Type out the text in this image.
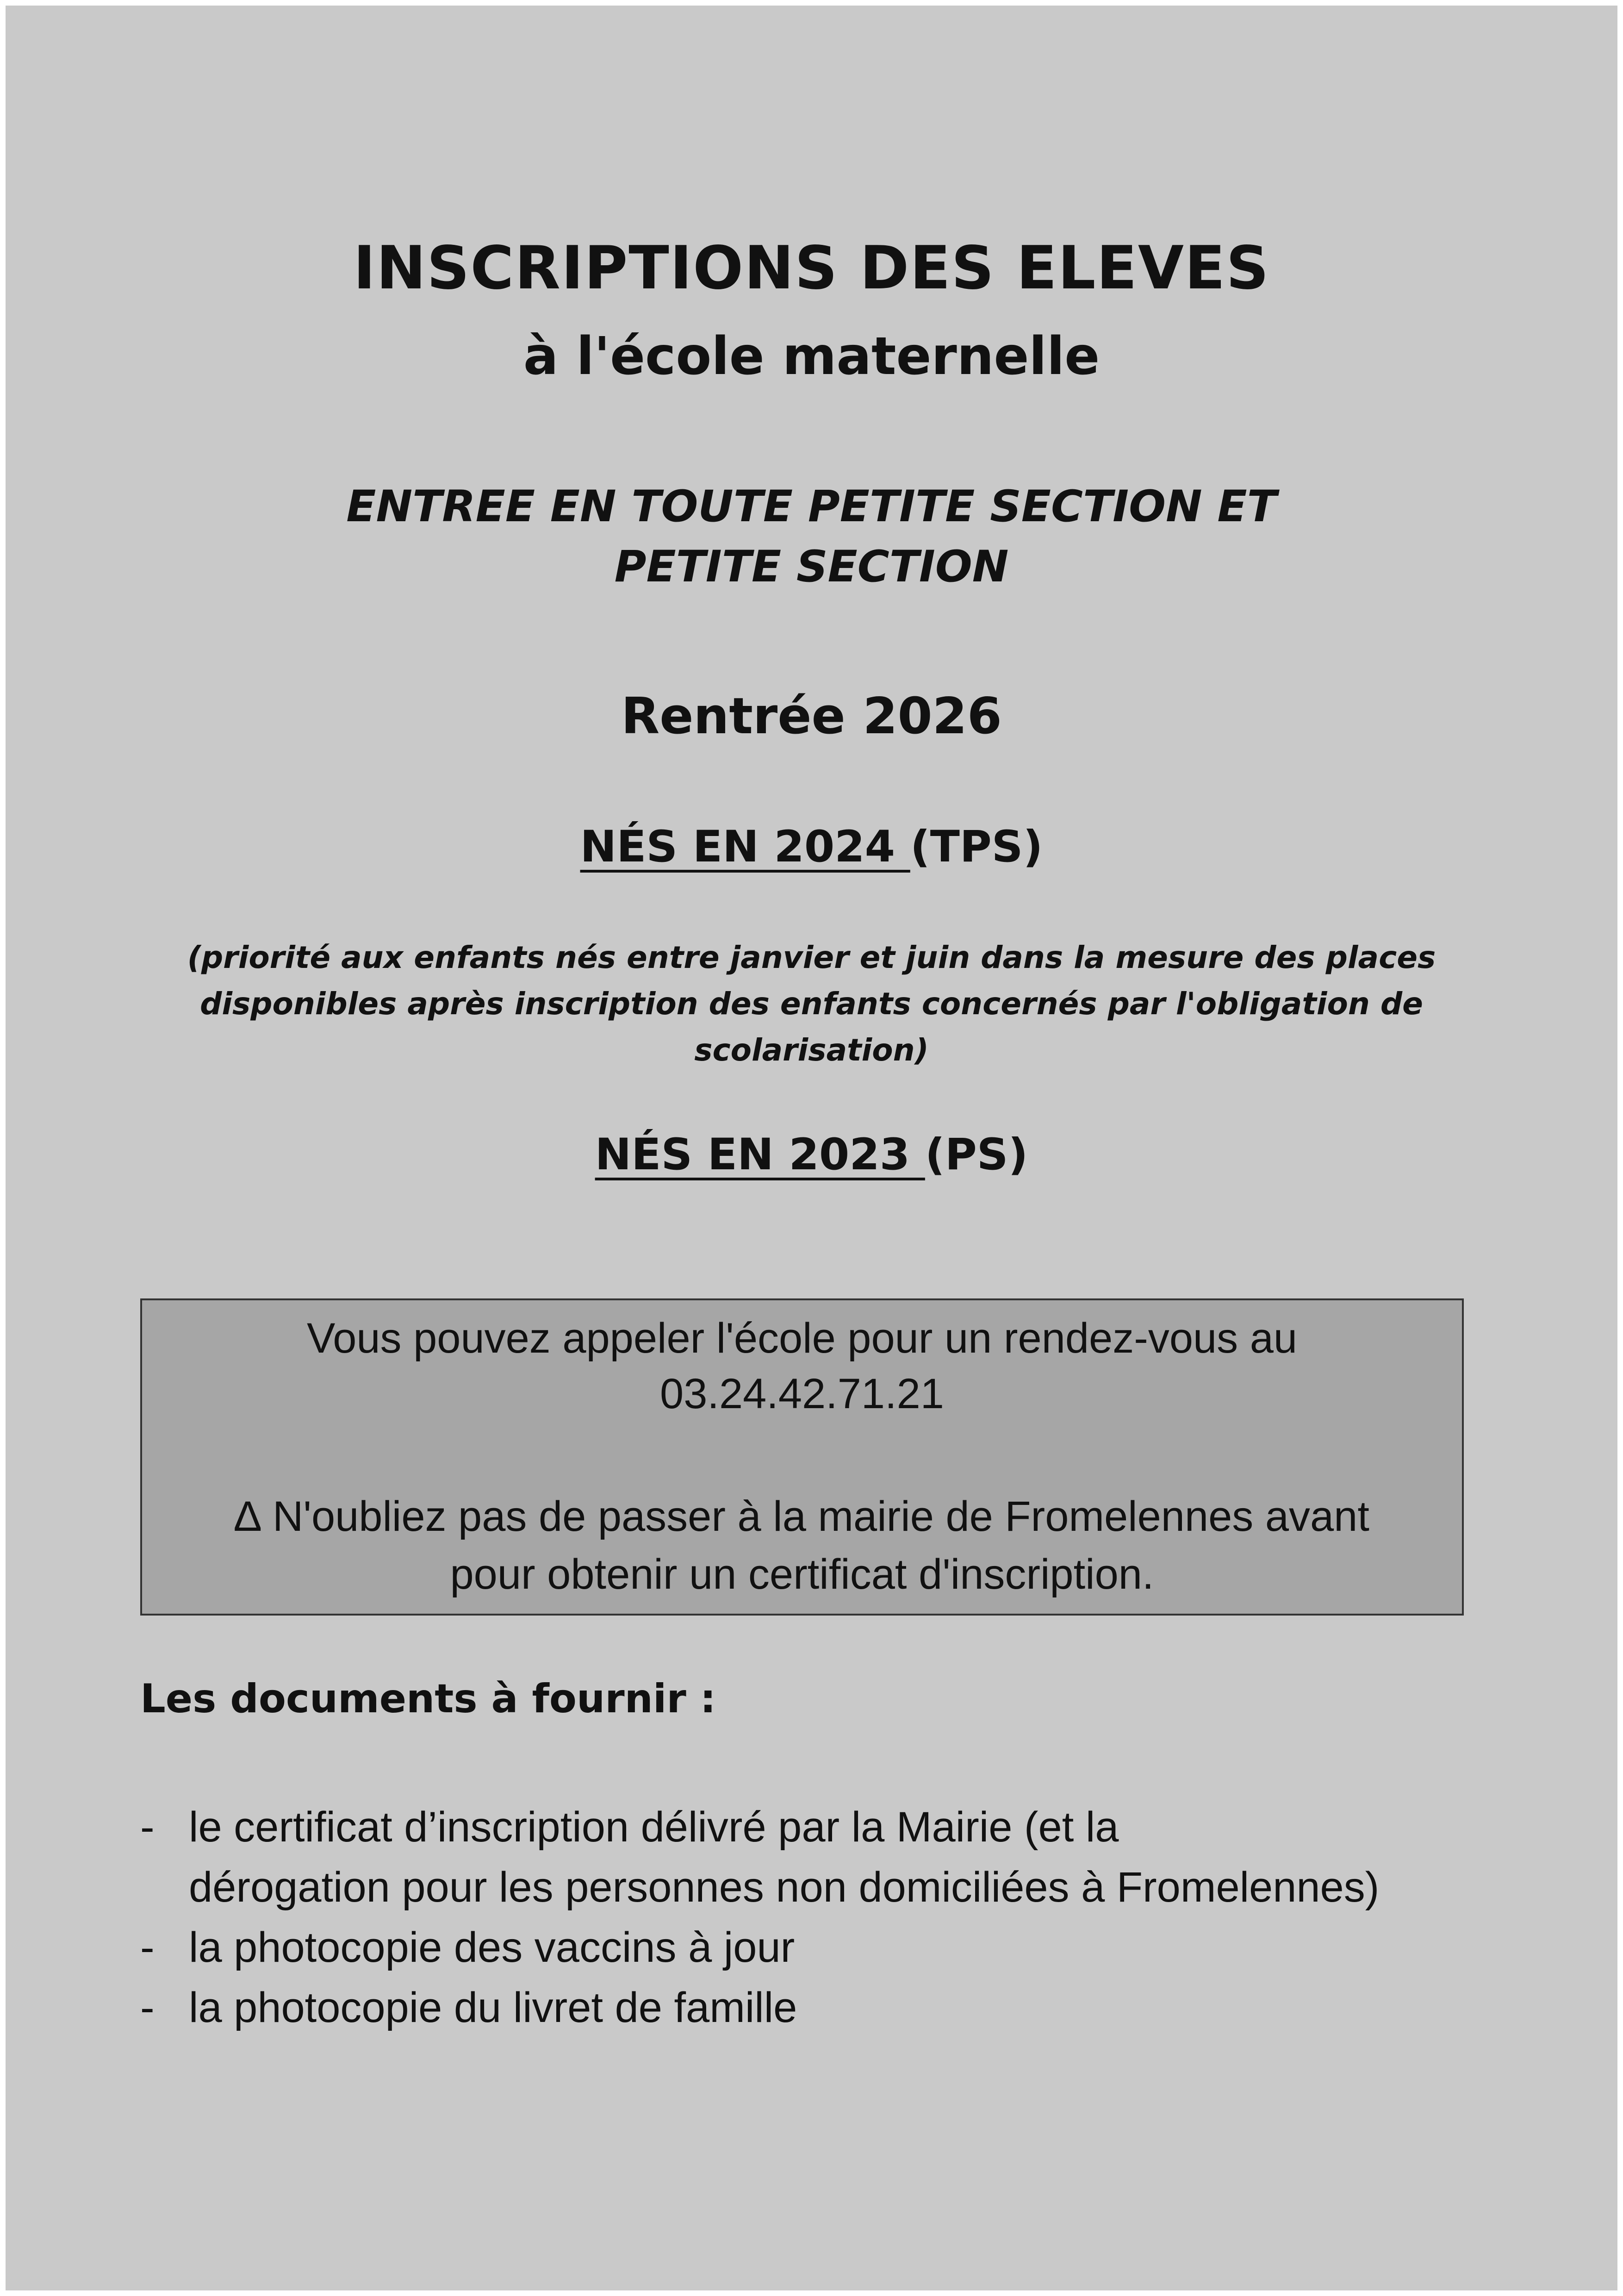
INSCRIPTIONS DES ELEVES
à l'école maternelle
ENTREE EN TOUTE PETITE SECTION ET
PETITE SECTION
Rentrée 2026
NÉS EN 2024 (TPS)
(priorité aux enfants nés entre janvier et juin dans la mesure des places
disponibles après inscription des enfants concernés par l'obligation de
scolarisation)
NÉS EN 2023 (PS)
Vous pouvez appeler l'école pour un rendez-vous au
03.24.42.71.21
∆ N'oubliez pas de passer à la mairie de Fromelennes avant
pour obtenir un certificat d'inscription.
Les documents à fournir :
- le certificat d’inscription délivré par la Mairie (et la
dérogation pour les personnes non domiciliées à Fromelennes)
- la photocopie des vaccins à jour
- la photocopie du livret de famille
